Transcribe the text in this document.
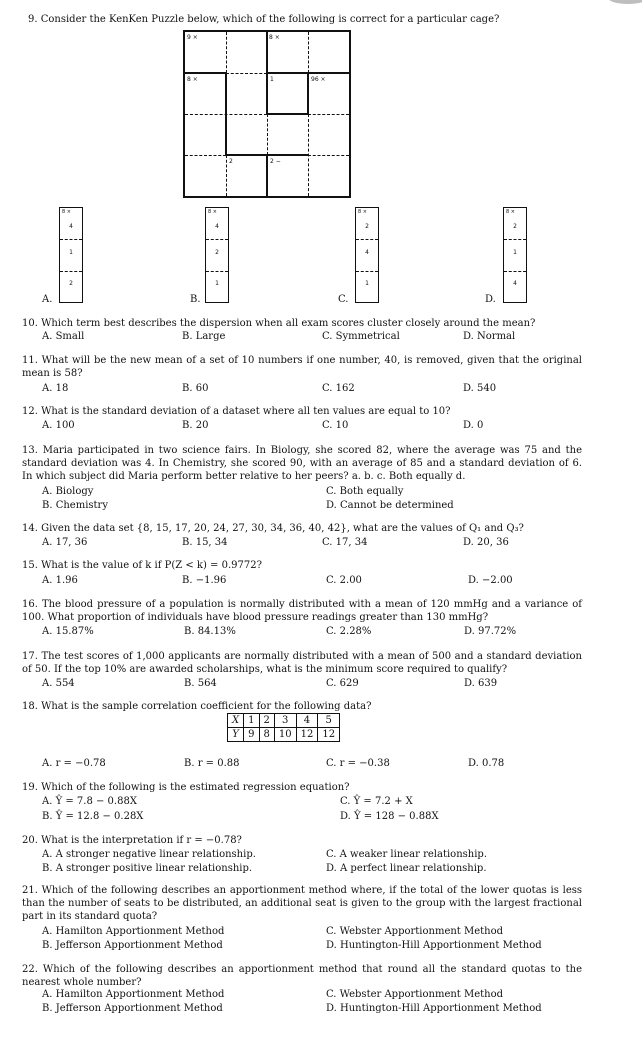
9. Consider the KenKen Puzzle below, which of the following is correct for a particular cage?
9 ×	8 ×
8 ×	1	96 ×
2	2 −
A.
8 ×
4
1
2
B.
8 ×
4
2
1
C.
8 ×
2
4
1
D.
8 ×
2
1
4
10. Which term best describes the dispersion when all exam scores cluster closely around the mean?
A. Small	B. Large	C. Symmetrical	D. Normal
11. What will be the new mean of a set of 10 numbers if one number, 40, is removed, given that the original mean is 58?
A. 18	B. 60	C. 162	D. 540
12. What is the standard deviation of a dataset where all ten values are equal to 10?
A. 100	B. 20	C. 10	D. 0
13. Maria participated in two science fairs. In Biology, she scored 82, where the average was 75 and the standard deviation was 4. In Chemistry, she scored 90, with an average of 85 and a standard deviation of 6. In which subject did Maria perform better relative to her peers? a. b. c. Both equally d.
A. Biology	C. Both equally
B. Chemistry	D. Cannot be determined
14. Given the data set {8, 15, 17, 20, 24, 27, 30, 34, 36, 40, 42}, what are the values of Q₁ and Q₃?
A. 17, 36	B. 15, 34	C. 17, 34	D. 20, 36
15. What is the value of k if P(Z < k) = 0.9772?
A. 1.96	B. −1.96	C. 2.00	D. −2.00
16. The blood pressure of a population is normally distributed with a mean of 120 mmHg and a variance of 100. What proportion of individuals have blood pressure readings greater than 130 mmHg?
A. 15.87%	B. 84.13%	C. 2.28%	D. 97.72%
17. The test scores of 1,000 applicants are normally distributed with a mean of 500 and a standard deviation of 50. If the top 10% are awarded scholarships, what is the minimum score required to qualify?
A. 554	B. 564	C. 629	D. 639
18. What is the sample correlation coefficient for the following data?
X	1	2	3	4	5
Y	9	8	10	12	12
A. r = −0.78	B. r = 0.88	C. r = −0.38	D. 0.78
19. Which of the following is the estimated regression equation?
A. Ŷ = 7.8 − 0.88X	C. Ŷ = 7.2 + X
B. Ŷ = 12.8 − 0.28X	D. Ŷ = 128 − 0.88X
20. What is the interpretation if r = −0.78?
A. A stronger negative linear relationship.	C. A weaker linear relationship.
B. A stronger positive linear relationship.	D. A perfect linear relationship.
21. Which of the following describes an apportionment method where, if the total of the lower quotas is less than the number of seats to be distributed, an additional seat is given to the group with the largest fractional part in its standard quota?
A. Hamilton Apportionment Method	C. Webster Apportionment Method
B. Jefferson Apportionment Method	D. Huntington-Hill Apportionment Method
22. Which of the following describes an apportionment method that round all the standard quotas to the nearest whole number?
A. Hamilton Apportionment Method	C. Webster Apportionment Method
B. Jefferson Apportionment Method	D. Huntington-Hill Apportionment Method
